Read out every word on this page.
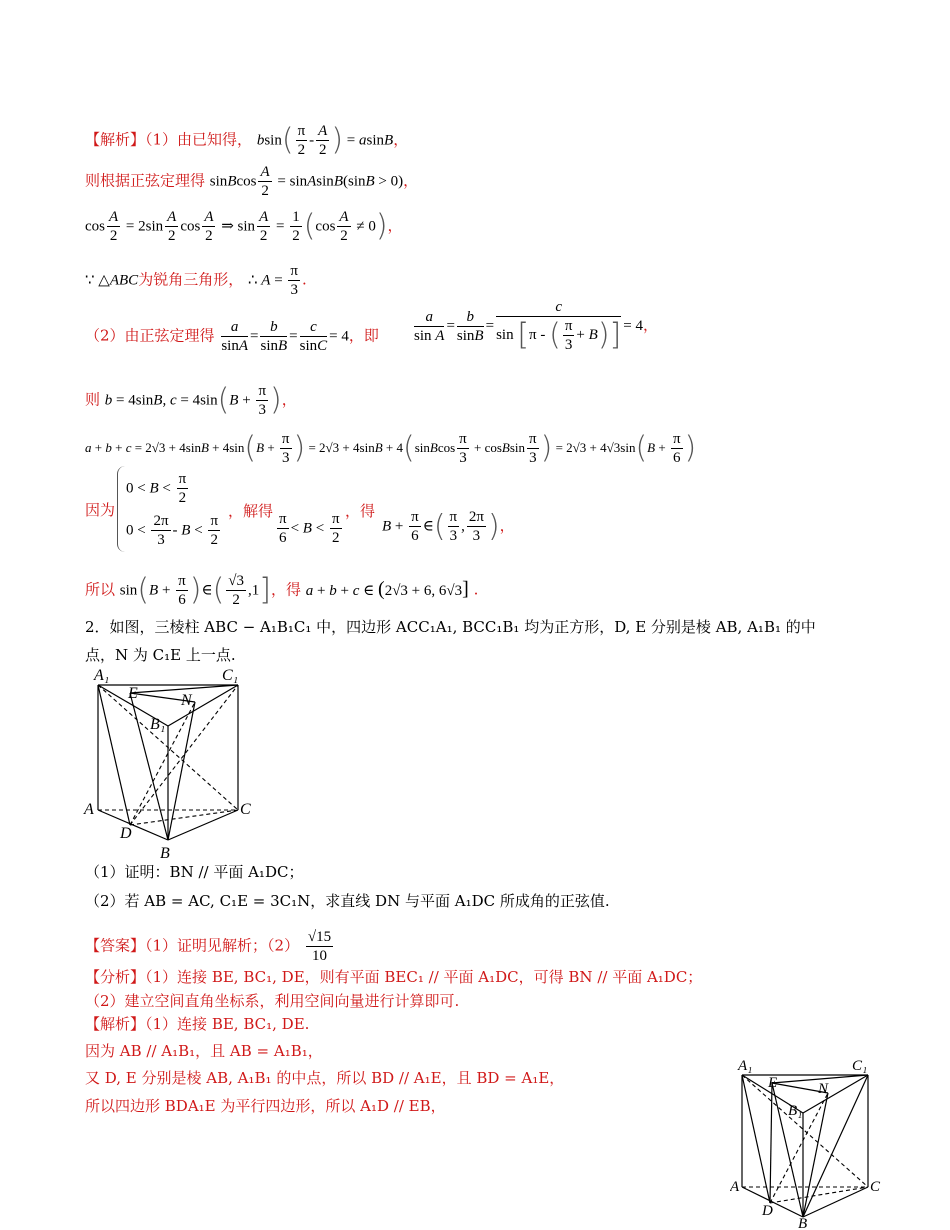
【解析】（1）由已知得， $bsin( \frac{\pi}{2} - \frac{A}{2}$ ) = asinB，
则根据正弦定理得 sinBcos $\frac{A}{2}$ = sinAsinB(sinB > 0)，
$\cos \frac{A}{2} = 2\sin \frac{A}{2}$ $\cos \frac{A}{2}$ ⇒ $\sin \frac{A}{2} = \frac{1}{2} (\cos \frac{A}{2} \ne 0)$，
∵ △ABC为锐角三角形， ∴ $A = \frac{\pi}{3}$ .
（2）由正弦定理得 $\frac{a}{\sin A} = \frac{b}{\sin B} = \frac{c}{\sin C} = 4$，即 $\frac{a}{\text{sin A}} = \frac{b}{\sin B} = \frac{c}{\sin [\pi - ( \frac{\pi}{3} + B)]} = 4$，
则 b = 4sinB, $c = 4\sin(B + \frac{\pi}{3}$ )，
$a + b + c = 2√3 + 4\sin B + 4\sin(B + \frac{\pi}{3}$ ) = 2√3 + 4sinB + 4(sinBcos $\frac{\pi}{3}$ + cosBsin $\frac{\pi}{3}$ ) = $2√3 + 4√3\sin(B + \frac{\pi}{6}$ )
因为
$0 < B < \frac{\pi}{2}$
$0 < \frac{2\pi}{3} - B < \frac{\pi}{2}$
，解得 $\frac{\pi}{6} < B < \frac{\pi}{2}$ ，得
$B + \frac{\pi}{6}$ ∈( $\frac{\pi}{3}$ , $\frac{2\pi}{3}$ )，
所以 $\sin(B + \frac{\pi}{6}$ )∈( $\frac{√3}{2} ,1$]，得 a + b + c ∈ (2√3 + 6, 6√3] .
2．如图，三棱柱 ABC − A₁B₁C₁ 中，四边形 ACC₁A₁, BCC₁B₁ 均为正方形，D, E 分别是棱 AB, A₁B₁ 的中
点，N 为 C₁E 上一点.
A₁	C₁
E	N
B₁
A	C
D
B
（1）证明：BN // 平面 A₁DC；
（2）若 AB = AC, C₁E = 3C₁N，求直线 DN 与平面 A₁DC 所成角的正弦值.
【答案】（1）证明见解析；$(2) \frac{√15}{10}$
【分析】（1）连接 BE, BC₁, DE，则有平面 BEC₁ // 平面 A₁DC，可得 BN // 平面 A₁DC；
（2）建立空间直角坐标系，利用空间向量进行计算即可.
【解析】（1）连接 BE, BC₁, DE.
因为 AB // A₁B₁，且 AB = A₁B₁，
又 D, E 分别是棱 AB, A₁B₁ 的中点，所以 BD // A₁E，且 BD = A₁E，
所以四边形 BDA₁E 为平行四边形，所以 A₁D // EB，
A₁	C₁
E	N
B₁
A	C
D
B
